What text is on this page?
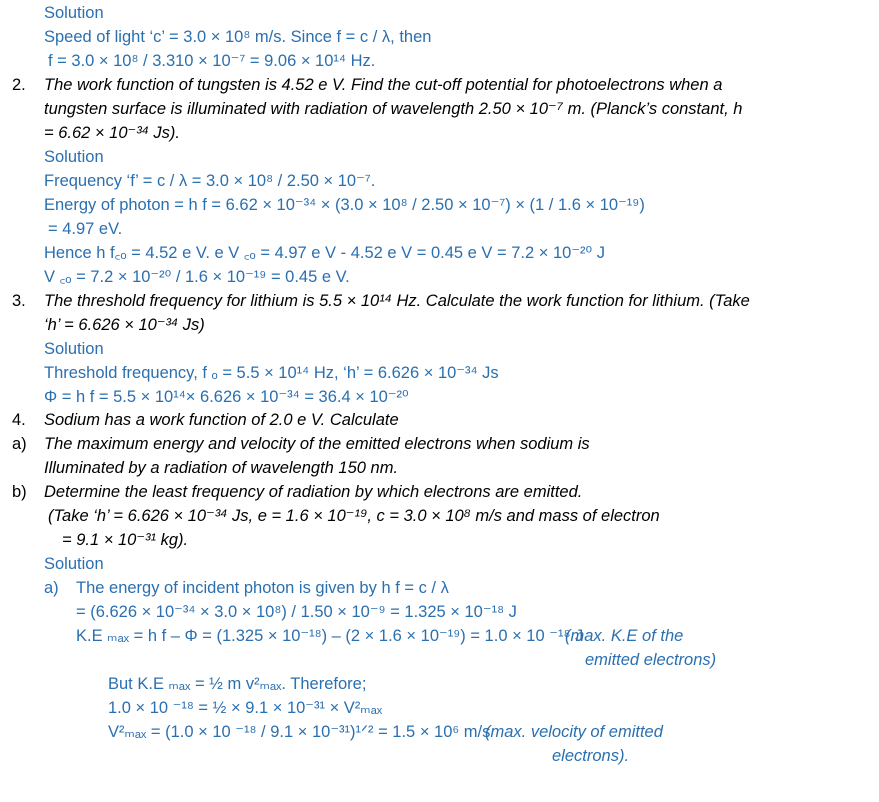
Solution
Speed of light ‘c’ = 3.0 × 10⁸ m/s. Since f = c / λ, then
f = 3.0 × 10⁸ / 3.310 × 10⁻⁷ = 9.06 × 10¹⁴ Hz.
2. The work function of tungsten is 4.52 e V. Find the cut-off potential for photoelectrons when a
tungsten surface is illuminated with radiation of wavelength 2.50 × 10⁻⁷ m. (Planck’s constant, h
= 6.62 × 10⁻³⁴ Js).
Solution
Frequency ‘f’ = c / λ = 3.0 × 10⁸ / 2.50 × 10⁻⁷.
Energy of photon = h f = 6.62 × 10⁻³⁴ × (3.0 × 10⁸ / 2.50 × 10⁻⁷) × (1 / 1.6 × 10⁻¹⁹)
= 4.97 eV.
Hence h f꜀ₒ = 4.52 e V. e V ꜀ₒ = 4.97 e V - 4.52 e V = 0.45 e V = 7.2 × 10⁻²⁰ J
V ꜀ₒ = 7.2 × 10⁻²⁰ / 1.6 × 10⁻¹⁹ = 0.45 e V.
3. The threshold frequency for lithium is 5.5 × 10¹⁴ Hz. Calculate the work function for lithium. (Take
‘h’ = 6.626 × 10⁻³⁴ Js)
Solution
Threshold frequency, f ₒ = 5.5 × 10¹⁴ Hz, ‘h’ = 6.626 × 10⁻³⁴ Js
Φ = h f = 5.5 × 10¹⁴× 6.626 × 10⁻³⁴ = 36.4 × 10⁻²⁰
4. Sodium has a work function of 2.0 e V. Calculate
a) The maximum energy and velocity of the emitted electrons when sodium is
Illuminated by a radiation of wavelength 150 nm.
b) Determine the least frequency of radiation by which electrons are emitted.
(Take ‘h’ = 6.626 × 10⁻³⁴ Js, e = 1.6 × 10⁻¹⁹, c = 3.0 × 10⁸ m/s and mass of electron
= 9.1 × 10⁻³¹ kg).
Solution
a) The energy of incident photon is given by h f = c / λ
= (6.626 × 10⁻³⁴ × 3.0 × 10⁸) / 1.50 × 10⁻⁹ = 1.325 × 10⁻¹⁸ J
K.E ₘₐₓ = h f – Φ = (1.325 × 10⁻¹⁸) – (2 × 1.6 × 10⁻¹⁹) = 1.0 × 10 ⁻¹⁸ J
(max. K.E of the
emitted electrons)
But K.E ₘₐₓ = ½ m v²ₘₐₓ. Therefore;
1.0 × 10 ⁻¹⁸ = ½ × 9.1 × 10⁻³¹ × V²ₘₐₓ
V²ₘₐₓ = (1.0 × 10 ⁻¹⁸ / 9.1 × 10⁻³¹)¹ᐟ² = 1.5 × 10⁶ m/s
(max. velocity of emitted
electrons).
